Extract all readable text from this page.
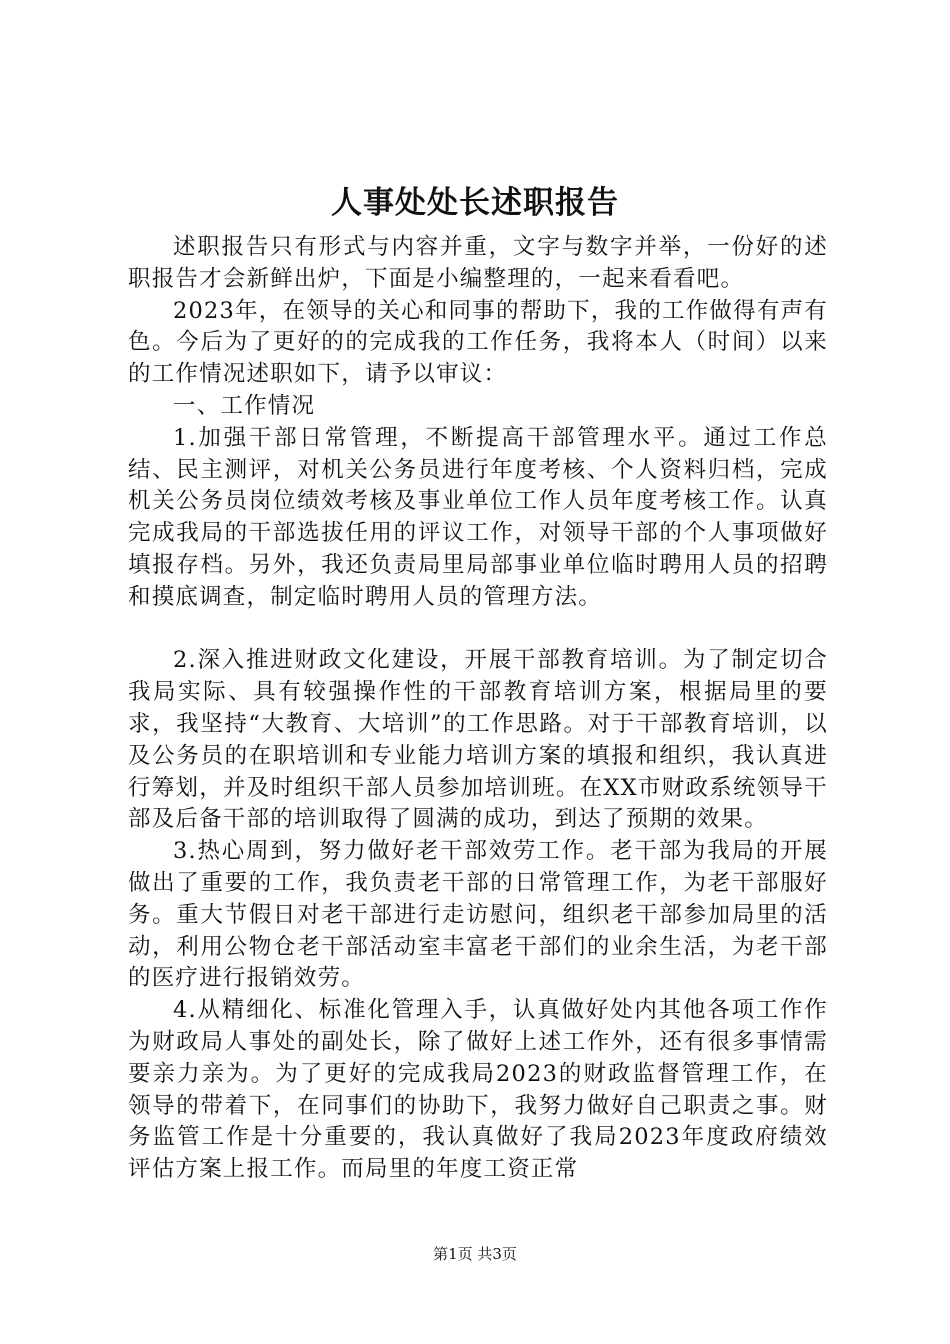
人事处处长述职报告

述职报告只有形式与内容并重，文字与数字并举，一份好的述职报告才会新鲜出炉，下面是小编整理的，一起来看看吧。

2023年，在领导的关心和同事的帮助下，我的工作做得有声有色。今后为了更好的的完成我的工作任务，我将本人（时间）以来的工作情况述职如下，请予以审议：

一、工作情况

1.加强干部日常管理，不断提高干部管理水平。通过工作总结、民主测评，对机关公务员进行年度考核、个人资料归档，完成机关公务员岗位绩效考核及事业单位工作人员年度考核工作。认真完成我局的干部选拔任用的评议工作，对领导干部的个人事项做好填报存档。另外，我还负责局里局部事业单位临时聘用人员的招聘和摸底调查，制定临时聘用人员的管理方法。

2.深入推进财政文化建设，开展干部教育培训。为了制定切合我局实际、具有较强操作性的干部教育培训方案，根据局里的要求，我坚持“大教育、大培训”的工作思路。对于干部教育培训，以及公务员的在职培训和专业能力培训方案的填报和组织，我认真进行筹划，并及时组织干部人员参加培训班。在XX市财政系统领导干部及后备干部的培训取得了圆满的成功，到达了预期的效果。

3.热心周到，努力做好老干部效劳工作。老干部为我局的开展做出了重要的工作，我负责老干部的日常管理工作，为老干部服好务。重大节假日对老干部进行走访慰问，组织老干部参加局里的活动，利用公物仓老干部活动室丰富老干部们的业余生活，为老干部的医疗进行报销效劳。

4.从精细化、标准化管理入手，认真做好处内其他各项工作作为财政局人事处的副处长，除了做好上述工作外，还有很多事情需要亲力亲为。为了更好的完成我局2023的财政监督管理工作，在领导的带着下，在同事们的协助下，我努力做好自己职责之事。财务监管工作是十分重要的，我认真做好了我局2023年度政府绩效评估方案上报工作。而局里的年度工资正常

第1页 共3页
